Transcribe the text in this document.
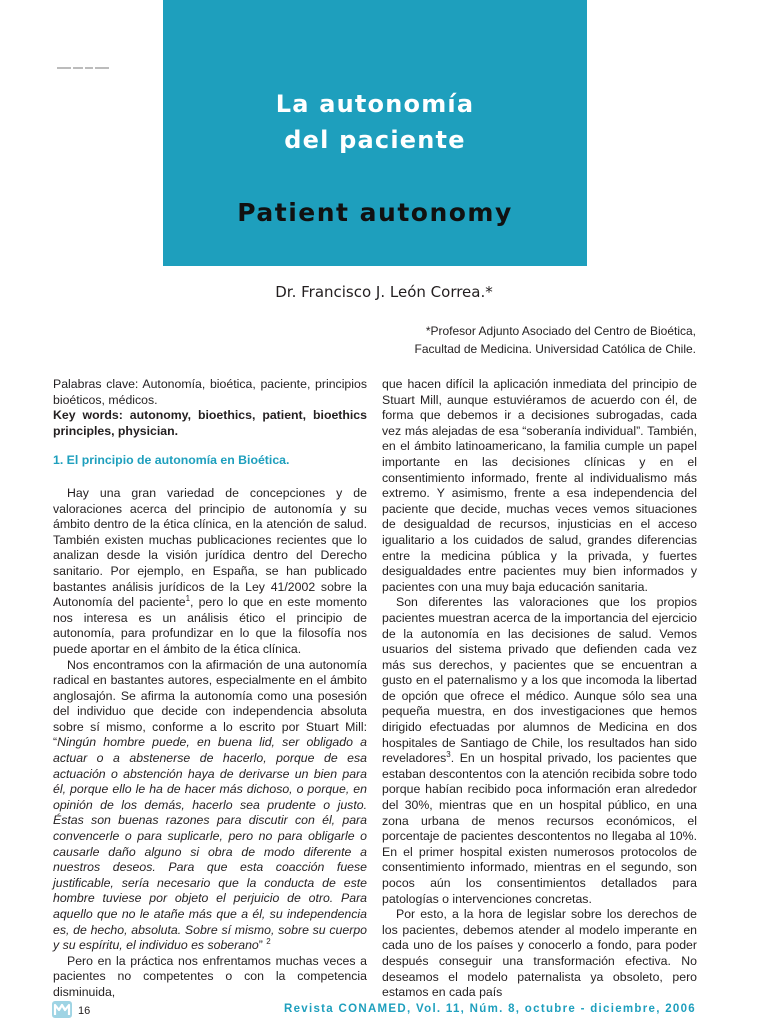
La autonomía
del paciente
Patient autonomy
Dr. Francisco J. León Correa.*
*Profesor Adjunto Asociado del Centro de Bioética,
Facultad de Medicina. Universidad Católica de Chile.

Palabras clave: Autonomía, bioética, paciente, principios bioéticos, médicos.

Key words: autonomy, bioethics, patient, bioethics principles, physician.

1. El principio de autonomía en Bioética.

Hay una gran variedad de concepciones y de valoraciones acerca del principio de autonomía y su ámbito dentro de la ética clínica, en la atención de salud. También existen muchas publicaciones recientes que lo analizan desde la visión jurídica dentro del Derecho sanitario. Por ejemplo, en España, se han publicado bastantes análisis jurídicos de la Ley 41/2002 sobre la Autonomía del paciente$^1$, pero lo que en este momento nos interesa es un análisis ético el principio de autonomía, para profundizar en lo que la filosofía nos puede aportar en el ámbito de la ética clínica.

Nos encontramos con la afirmación de una autonomía radical en bastantes autores, especialmente en el ámbito anglosajón. Se afirma la autonomía como una posesión del individuo que decide con independencia absoluta sobre sí mismo, conforme a lo escrito por Stuart Mill: “Ningún hombre puede, en buena lid, ser obligado a actuar o a abstenerse de hacerlo, porque de esa actuación o abstención haya de derivarse un bien para él, porque ello le ha de hacer más dichoso, o porque, en opinión de los demás, hacerlo sea prudente o justo. Éstas son buenas razones para discutir con él, para convencerle o para suplicarle, pero no para obligarle o causarle daño alguno si obra de modo diferente a nuestros deseos. Para que esta coacción fuese justificable, sería necesario que la conducta de este hombre tuviese por objeto el perjuicio de otro. Para aquello que no le atañe más que a él, su independencia es, de hecho, absoluta. Sobre sí mismo, sobre su cuerpo y su espíritu, el individuo es soberano” $^2$

Pero en la práctica nos enfrentamos muchas veces a pacientes no competentes o con la competencia disminuida,

que hacen difícil la aplicación inmediata del principio de Stuart Mill, aunque estuviéramos de acuerdo con él, de forma que debemos ir a decisiones subrogadas, cada vez más alejadas de esa “soberanía individual”. También, en el ámbito latinoamericano, la familia cumple un papel importante en las decisiones clínicas y en el consentimiento informado, frente al individualismo más extremo. Y asimismo, frente a esa independencia del paciente que decide, muchas veces vemos situaciones de desigualdad de recursos, injusticias en el acceso igualitario a los cuidados de salud, grandes diferencias entre la medicina pública y la privada, y fuertes desigualdades entre pacientes muy bien informados y pacientes con una muy baja educación sanitaria.

Son diferentes las valoraciones que los propios pacientes muestran acerca de la importancia del ejercicio de la autonomía en las decisiones de salud. Vemos usuarios del sistema privado que defienden cada vez más sus derechos, y pacientes que se encuentran a gusto en el paternalismo y a los que incomoda la libertad de opción que ofrece el médico. Aunque sólo sea una pequeña muestra, en dos investigaciones que hemos dirigido efectuadas por alumnos de Medicina en dos hospitales de Santiago de Chile, los resultados han sido reveladores$^3$. En un hospital privado, los pacientes que estaban descontentos con la atención recibida sobre todo porque habían recibido poca información eran alrededor del 30%, mientras que en un hospital público, en una zona urbana de menos recursos económicos, el porcentaje de pacientes descontentos no llegaba al 10%. En el primer hospital existen numerosos protocolos de consentimiento informado, mientras en el segundo, son pocos aún los consentimientos detallados para patologías o intervenciones concretas.

Por esto, a la hora de legislar sobre los derechos de los pacientes, debemos atender al modelo imperante en cada uno de los países y conocerlo a fondo, para poder después conseguir una transformación efectiva. No deseamos el modelo paternalista ya obsoleto, pero estamos en cada país

16	Revista CONAMED, Vol. 11, Núm. 8, octubre - diciembre, 2006
